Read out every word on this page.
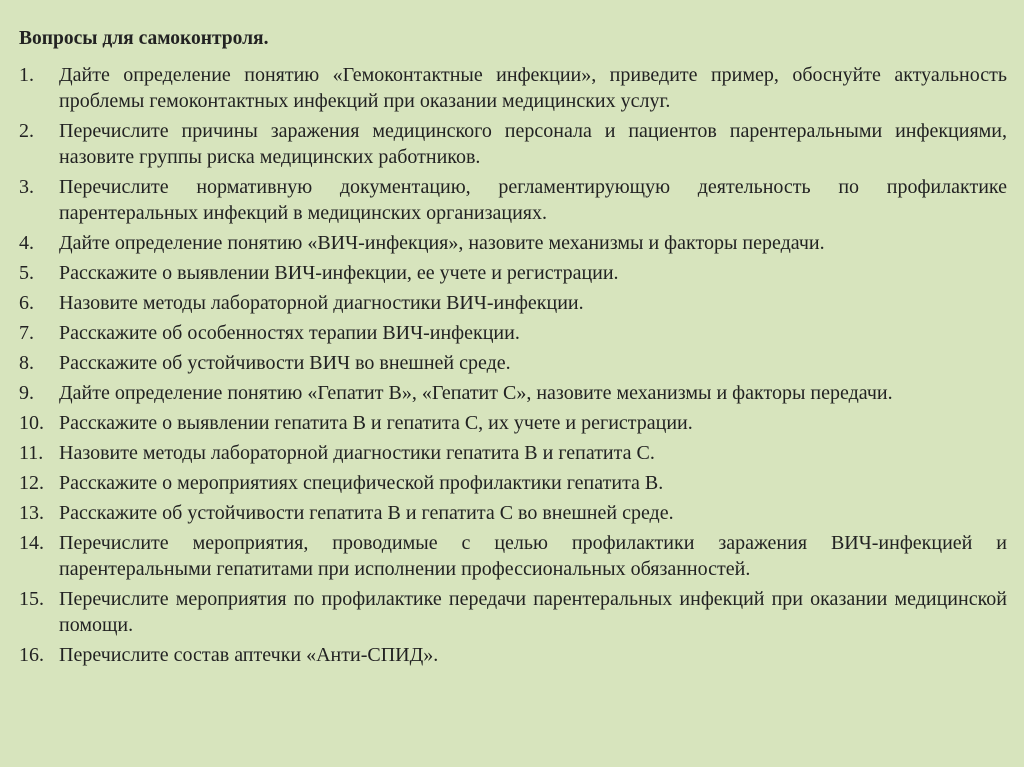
Вопросы для самоконтроля.
1.	Дайте определение понятию «Гемоконтактные инфекции», приведите пример, обоснуйте актуальность проблемы гемоконтактных инфекций при оказании медицинских услуг.
2.	Перечислите причины заражения медицинского персонала и пациентов парентеральными инфекциями, назовите группы риска медицинских работников.
3.	Перечислите нормативную документацию, регламентирующую деятельность по профилактике парентеральных инфекций в медицинских организациях.
4.	Дайте определение понятию «ВИЧ-инфекция», назовите механизмы и факторы передачи.
5.	Расскажите о выявлении ВИЧ-инфекции, ее учете и регистрации.
6.	Назовите методы лабораторной диагностики ВИЧ-инфекции.
7.	Расскажите об особенностях терапии ВИЧ-инфекции.
8.	Расскажите об устойчивости ВИЧ во внешней среде.
9.	Дайте определение понятию «Гепатит В», «Гепатит С», назовите механизмы и факторы передачи.
10. Расскажите о выявлении гепатита В и гепатита С, их учете и регистрации.
11. Назовите методы лабораторной диагностики гепатита В и гепатита С.
12. Расскажите о мероприятиях специфической профилактики гепатита В.
13. Расскажите об устойчивости гепатита В и гепатита С во внешней среде.
14. Перечислите мероприятия, проводимые с целью профилактики заражения ВИЧ-инфекцией и парентеральными гепатитами при исполнении профессиональных обязанностей.
15. Перечислите мероприятия по профилактике передачи парентеральных инфекций при оказании медицинской помощи.
16. Перечислите состав аптечки «Анти-СПИД».
